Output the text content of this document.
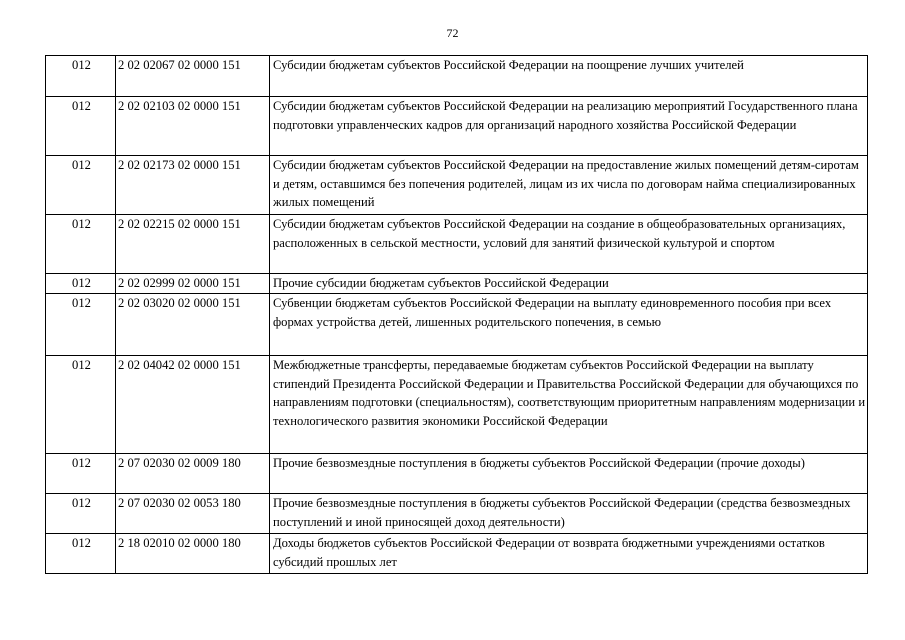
72
012	2 02 02067 02 0000 151	Субсидии бюджетам субъектов Российской Федерации на поощрение лучших учителей
012	2 02 02103 02 0000 151	Субсидии бюджетам субъектов Российской Федерации на реализацию мероприятий Государственного плана подготовки управленческих кадров для организаций народного хозяйства Российской Федерации
012	2 02 02173 02 0000 151	Субсидии бюджетам субъектов Российской Федерации на предоставление жилых помещений детям-сиротам и детям, оставшимся без попечения родителей, лицам из их числа по договорам найма специализированных жилых помещений
012	2 02 02215 02 0000 151	Субсидии бюджетам субъектов Российской Федерации на создание в общеобразовательных организациях, расположенных в сельской местности, условий для занятий физической культурой и спортом
012	2 02 02999 02 0000 151	Прочие субсидии бюджетам субъектов Российской Федерации
012	2 02 03020 02 0000 151	Субвенции бюджетам субъектов Российской Федерации на выплату единовременного пособия при всех формах устройства детей, лишенных родительского попечения, в семью
012	2 02 04042 02 0000 151	Межбюджетные трансферты, передаваемые бюджетам субъектов Российской Федерации на выплату стипендий Президента Российской Федерации и Правительства Российской Федерации для обучающихся по направлениям подготовки (специальностям), соответствующим приоритетным направлениям модернизации и технологического развития экономики Российской Федерации
012	2 07 02030 02 0009 180	Прочие безвозмездные поступления в бюджеты субъектов Российской Федерации (прочие доходы)
012	2 07 02030 02 0053 180	Прочие безвозмездные поступления в бюджеты субъектов Российской Федерации (средства безвозмездных поступлений и иной приносящей доход деятельности)
012	2 18 02010 02 0000 180	Доходы бюджетов субъектов Российской Федерации от возврата бюджетными учреждениями остатков субсидий прошлых лет
